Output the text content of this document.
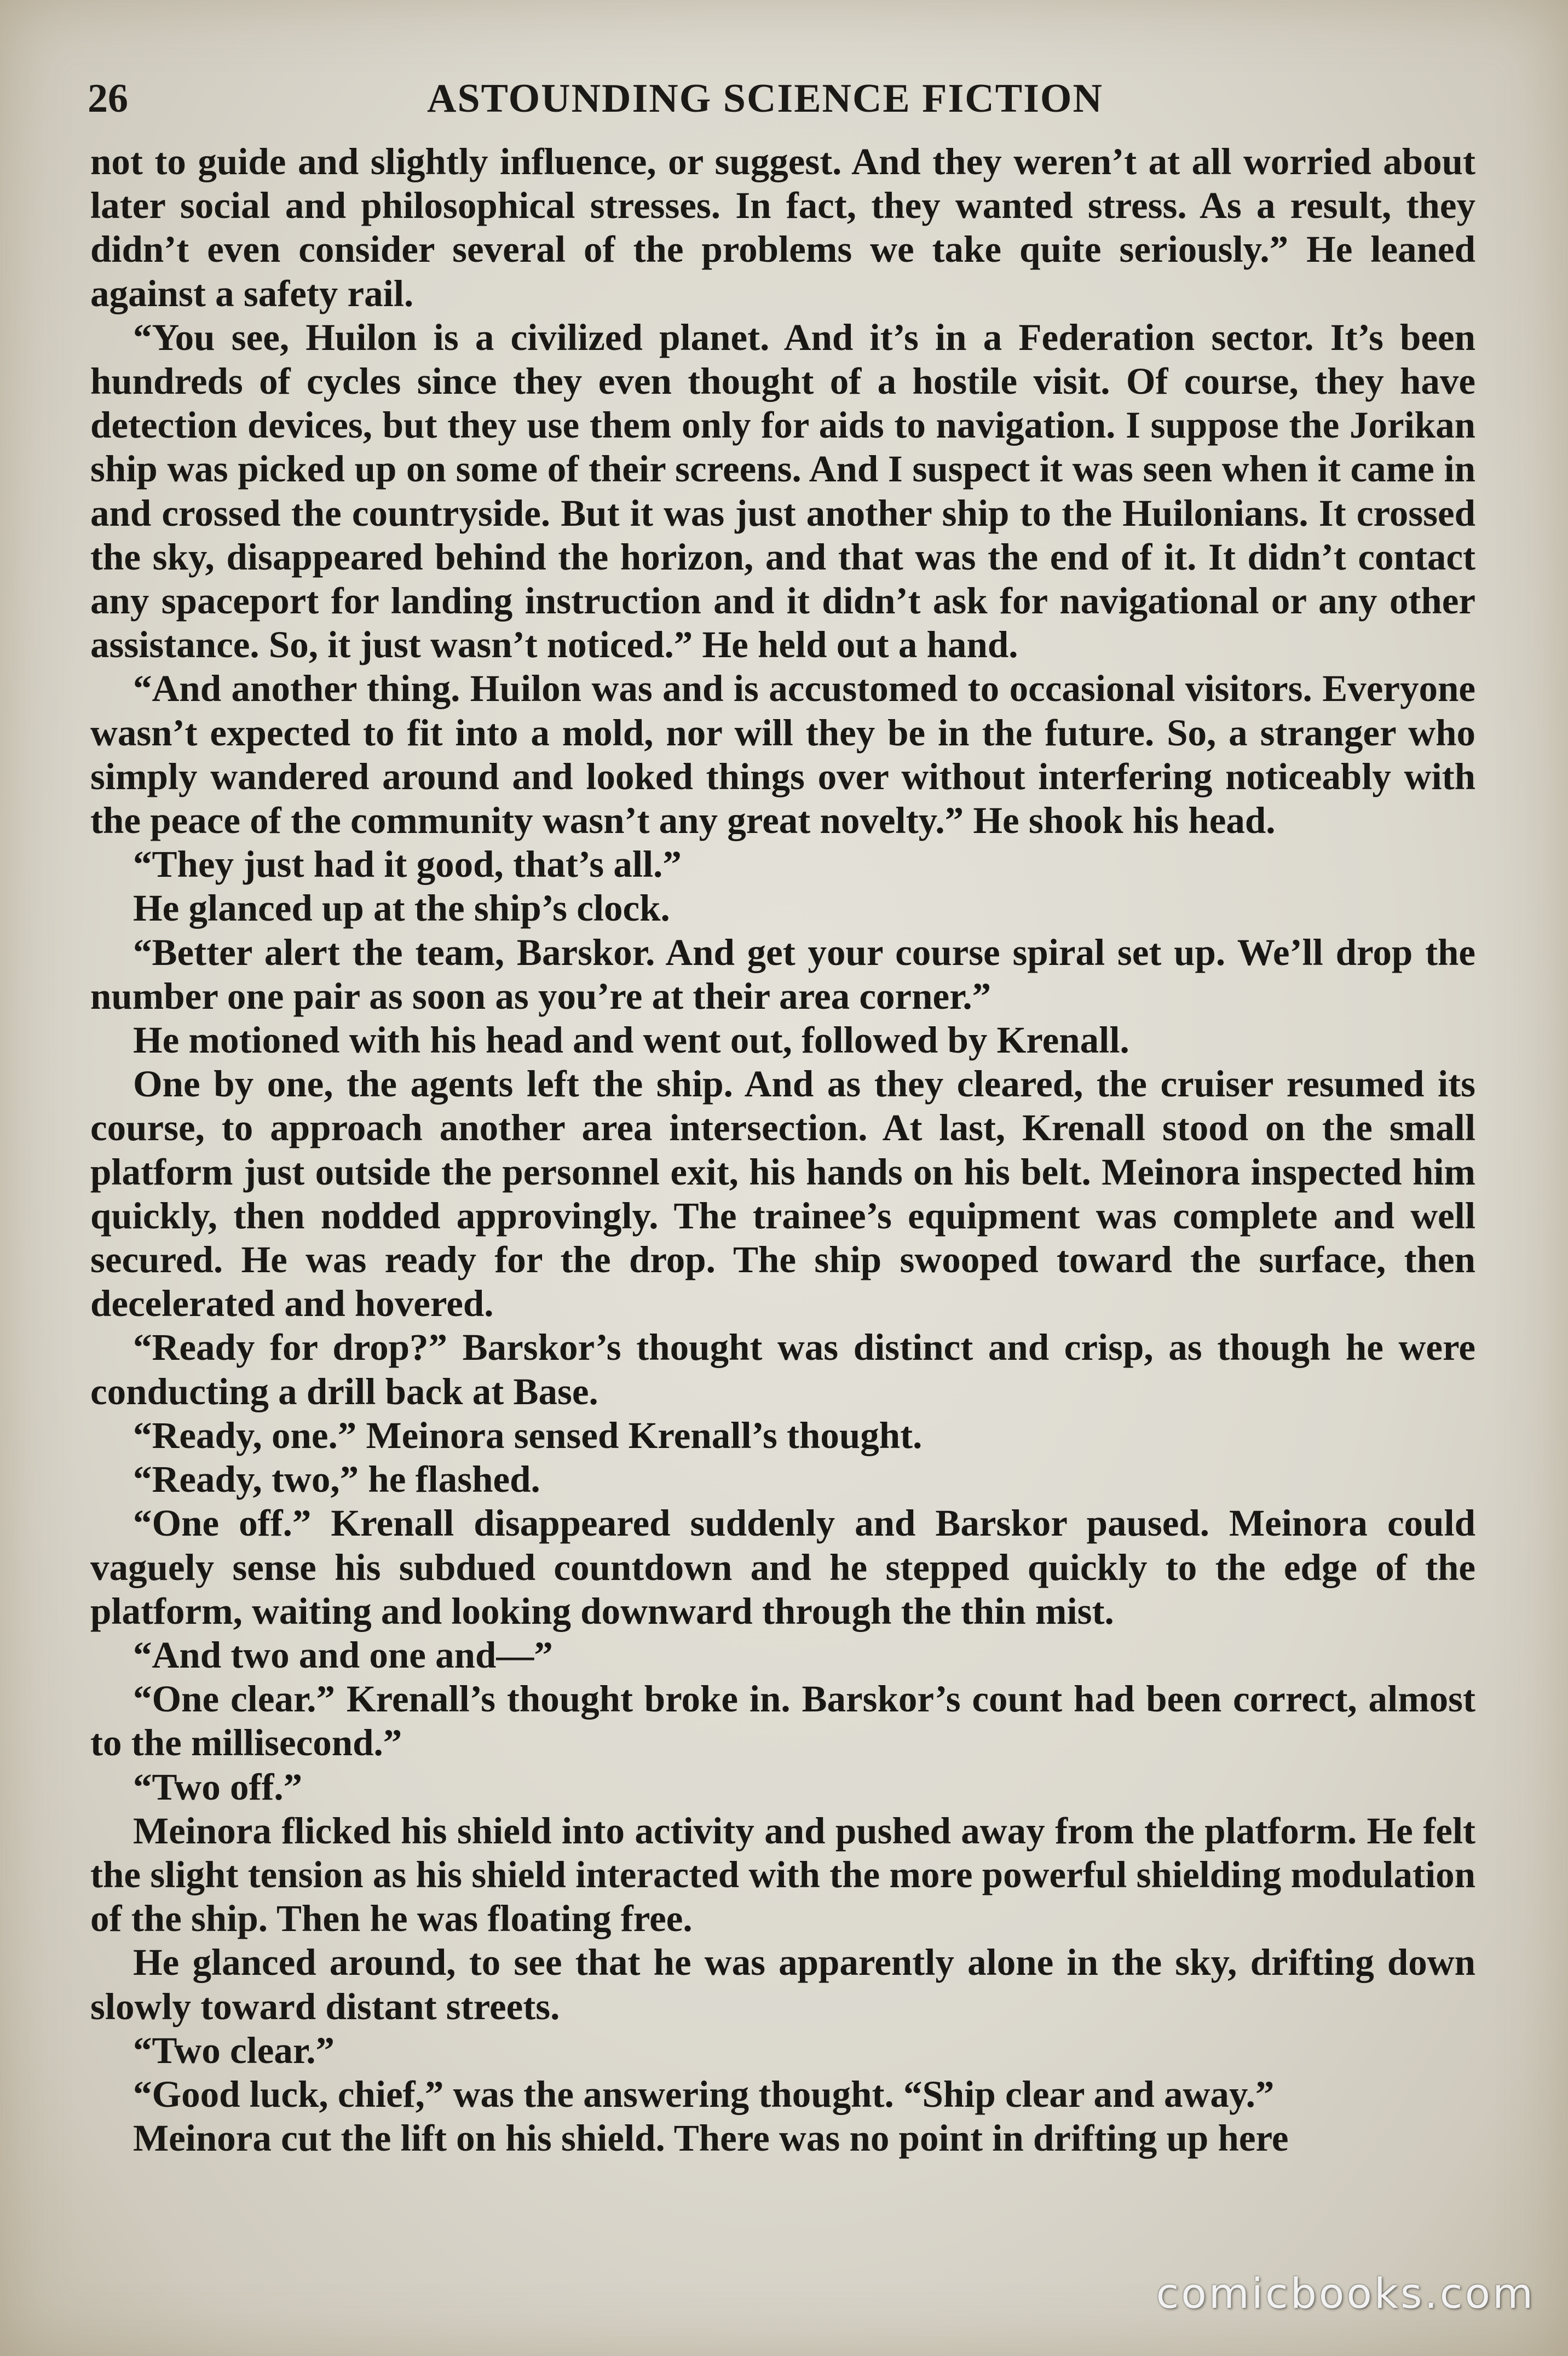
26	ASTOUNDING SCIENCE FICTION

not to guide and slightly influence, or suggest. And they weren’t at all worried about later social and philosophical stresses. In fact, they wanted stress. As a result, they didn’t even consider several of the problems we take quite seriously.” He leaned against a safety rail.

“You see, Huilon is a civilized planet. And it’s in a Federation sector. It’s been hundreds of cycles since they even thought of a hostile visit. Of course, they have detection devices, but they use them only for aids to navigation. I suppose the Jorikan ship was picked up on some of their screens. And I suspect it was seen when it came in and crossed the countryside. But it was just another ship to the Huilonians. It crossed the sky, disappeared behind the horizon, and that was the end of it. It didn’t contact any spaceport for landing instruction and it didn’t ask for navigational or any other assistance. So, it just wasn’t noticed.” He held out a hand.

“And another thing. Huilon was and is accustomed to occasional visitors. Everyone wasn’t expected to fit into a mold, nor will they be in the future. So, a stranger who simply wandered around and looked things over without interfering noticeably with the peace of the community wasn’t any great novelty.” He shook his head.

“They just had it good, that’s all.”

He glanced up at the ship’s clock.

“Better alert the team, Barskor. And get your course spiral set up. We’ll drop the number one pair as soon as you’re at their area corner.”

He motioned with his head and went out, followed by Krenall.

One by one, the agents left the ship. And as they cleared, the cruiser resumed its course, to approach another area intersection. At last, Krenall stood on the small platform just outside the personnel exit, his hands on his belt. Meinora inspected him quickly, then nodded approvingly. The trainee’s equipment was complete and well secured. He was ready for the drop. The ship swooped toward the surface, then decelerated and hovered.

“Ready for drop?” Barskor’s thought was distinct and crisp, as though he were conducting a drill back at Base.

“Ready, one.” Meinora sensed Krenall’s thought.

“Ready, two,” he flashed.

“One off.” Krenall disappeared suddenly and Barskor paused. Meinora could vaguely sense his subdued countdown and he stepped quickly to the edge of the platform, waiting and looking downward through the thin mist.

“And two and one and—”

“One clear.” Krenall’s thought broke in. Barskor’s count had been correct, almost to the millisecond.”

“Two off.”

Meinora flicked his shield into activity and pushed away from the platform. He felt the slight tension as his shield interacted with the more powerful shielding modulation of the ship. Then he was floating free.

He glanced around, to see that he was apparently alone in the sky, drifting down slowly toward distant streets.

“Two clear.”

“Good luck, chief,” was the answering thought. “Ship clear and away.”

Meinora cut the lift on his shield. There was no point in drifting up here

comicbooks.com
